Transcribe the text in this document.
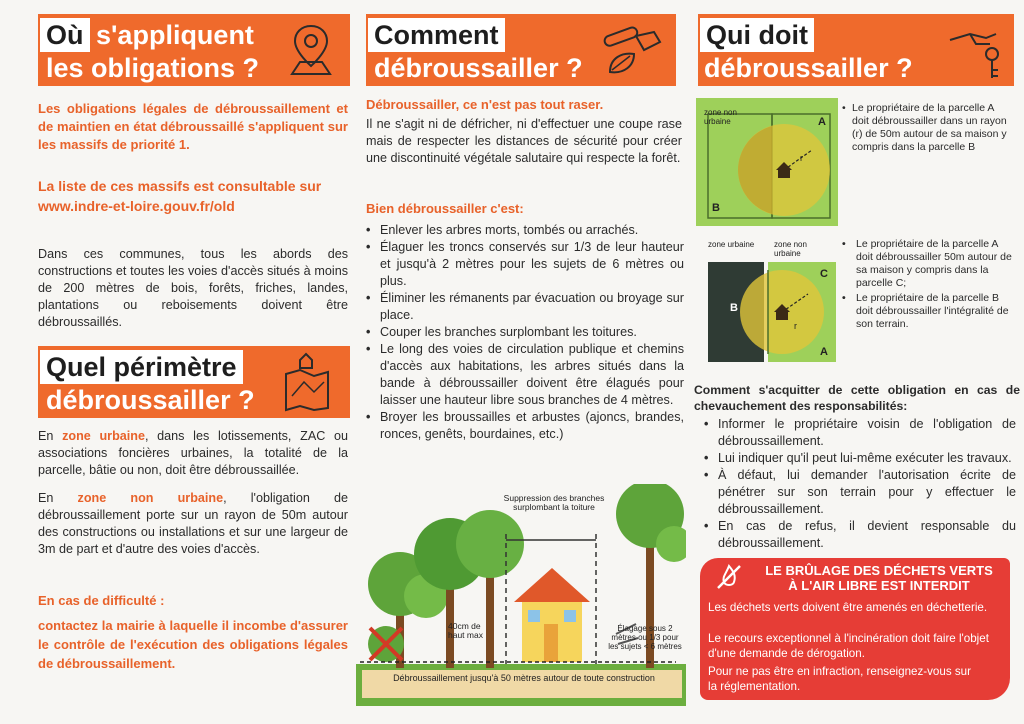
Où s'appliquent
les obligations ?

Les obligations légales de débroussaillement et de maintien en état débroussaillé s'appliquent sur les massifs de priorité 1.

La liste de ces massifs est consultable sur www.indre-et-loire.gouv.fr/old

Dans ces communes, tous les abords des constructions et toutes les voies d'accès situés à moins de 200 mètres de bois, forêts, friches, landes, plantations ou reboisements doivent être débroussaillés.

Quel périmètre
débroussailler ?

En zone urbaine, dans les lotissements, ZAC ou associations foncières urbaines, la totalité de la parcelle, bâtie ou non, doit être débroussaillée.

En zone non urbaine, l'obligation de débroussaillement porte sur un rayon de 50m autour des constructions ou installations et sur une largeur de 3m de part et d'autre des voies d'accès.

En cas de difficulté :

contactez la mairie à laquelle il incombe d'assurer le contrôle de l'exécution des obligations légales de débroussaillement.

Comment
débroussailler ?

Débroussailler, ce n'est pas tout raser.

Il ne s'agit ni de défricher, ni d'effectuer une coupe rase mais de respecter les distances de sécurité pour créer une discontinuité végétale salutaire qui respecte la forêt.

Bien débroussailler c'est:

• Enlever les arbres morts, tombés ou arrachés.
• Élaguer les troncs conservés sur 1/3 de leur hauteur et jusqu'à 2 mètres pour les sujets de 6 mètres ou plus.
• Éliminer les rémanents par évacuation ou broyage sur place.
• Couper les branches surplombant les toitures.
• Le long des voies de circulation publique et chemins d'accès aux habitations, les arbres situés dans la bande à débroussailler doivent être élagués pour laisser une hauteur libre sous branches de 4 mètres.
• Broyer les broussailles et arbustes (ajoncs, brandes, ronces, genêts, bourdaines, etc.)
Suppression des branches surplombant la toiture
40cm de haut max
Élagage sous 2 mètres ou 1/3 pour les sujets < 6 mètres
Débroussaillement jusqu'à 50 mètres autour de toute construction
Qui doit
débroussailler ?
zone non urbaine	A
B
r

• Le propriétaire de la parcelle A doit débroussailler dans un rayon (r) de 50m autour de sa maison y compris dans la parcelle B

zone urbaine	zone non urbaine
B
C
A
r
• Le propriétaire de la parcelle A doit débroussailler 50m autour de sa maison y compris dans la parcelle C;
• Le propriétaire de la parcelle B doit débroussailler l'intégralité de son terrain.

Comment s'acquitter de cette obligation en cas de chevauchement des responsabilités:

• Informer le propriétaire voisin de l'obligation de débroussaillement.
• Lui indiquer qu'il peut lui-même exécuter les travaux.
• À défaut, lui demander l'autorisation écrite de pénétrer sur son terrain pour y effectuer le débroussaillement.
• En cas de refus, il devient responsable du débroussaillement.
LE BRÛLAGE DES DÉCHETS VERTS
À L'AIR LIBRE EST INTERDIT

Les déchets verts doivent être amenés en déchetterie.

Le recours exceptionnel à l'incinération doit faire l'objet d'une demande de dérogation.

Pour ne pas être en infraction, renseignez-vous sur la réglementation.
